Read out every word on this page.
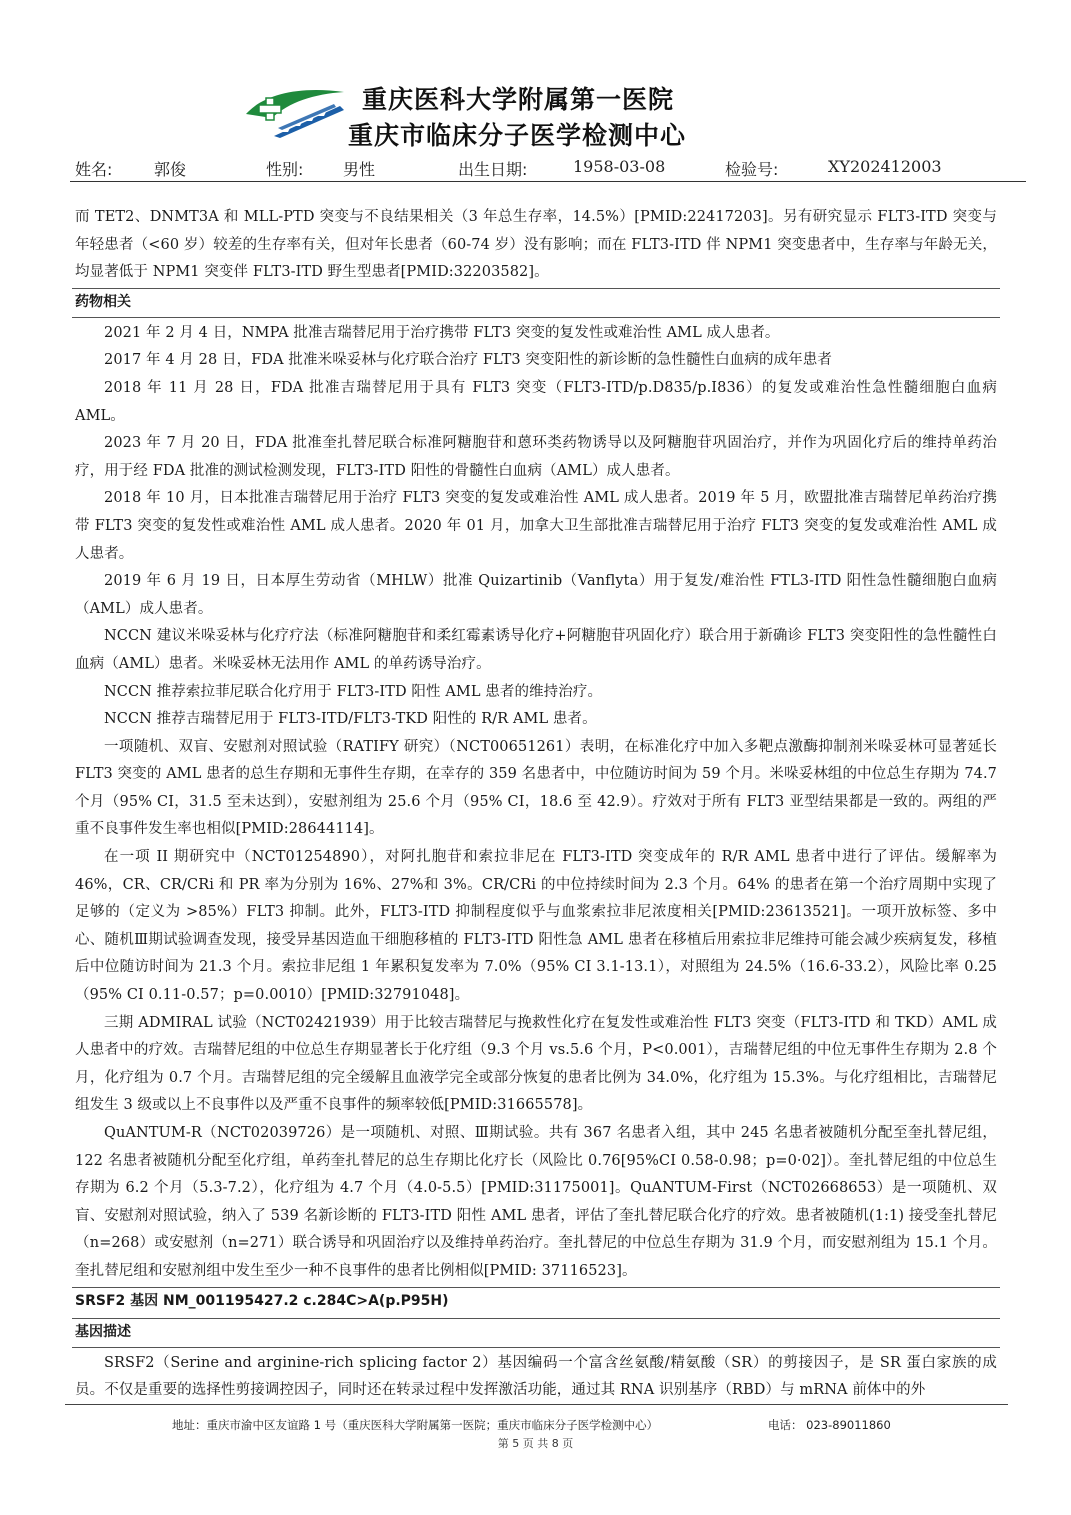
重庆医科大学附属第一医院
重庆市临床分子医学检测中心
姓名:	郭俊	性别: 男性	出生日期:	1958-03-08	检验号:	XY202412003

而 TET2、DNMT3A 和 MLL-PTD 突变与不良结果相关（3 年总生存率，14.5%）[PMID:22417203]。另有研究显示 FLT3-ITD 突变与年轻患者（<60 岁）较差的生存率有关，但对年长患者（60-74 岁）没有影响；而在 FLT3-ITD 伴 NPM1 突变患者中，生存率与年龄无关，均显著低于 NPM1 突变伴 FLT3-ITD 野生型患者[PMID:32203582]。

药物相关

2021 年 2 月 4 日，NMPA 批准吉瑞替尼用于治疗携带 FLT3 突变的复发性或难治性 AML 成人患者。

2017 年 4 月 28 日，FDA 批准米哚妥林与化疗联合治疗 FLT3 突变阳性的新诊断的急性髓性白血病的成年患者

2018 年 11 月 28 日，FDA 批准吉瑞替尼用于具有 FLT3 突变（FLT3-ITD/p.D835/p.I836）的复发或难治性急性髓细胞白血病 AML。

2023 年 7 月 20 日，FDA 批准奎扎替尼联合标准阿糖胞苷和蒽环类药物诱导以及阿糖胞苷巩固治疗，并作为巩固化疗后的维持单药治疗，用于经 FDA 批准的测试检测发现，FLT3-ITD 阳性的骨髓性白血病（AML）成人患者。

2018 年 10 月，日本批准吉瑞替尼用于治疗 FLT3 突变的复发或难治性 AML 成人患者。2019 年 5 月，欧盟批准吉瑞替尼单药治疗携带 FLT3 突变的复发性或难治性 AML 成人患者。2020 年 01 月，加拿大卫生部批准吉瑞替尼用于治疗 FLT3 突变的复发或难治性 AML 成人患者。

2019 年 6 月 19 日，日本厚生劳动省（MHLW）批准 Quizartinib（Vanflyta）用于复发/难治性 FTL3-ITD 阳性急性髓细胞白血病（AML）成人患者。

NCCN 建议米哚妥林与化疗疗法（标准阿糖胞苷和柔红霉素诱导化疗+阿糖胞苷巩固化疗）联合用于新确诊 FLT3 突变阳性的急性髓性白血病（AML）患者。米哚妥林无法用作 AML 的单药诱导治疗。

NCCN 推荐索拉菲尼联合化疗用于 FLT3-ITD 阳性 AML 患者的维持治疗。

NCCN 推荐吉瑞替尼用于 FLT3-ITD/FLT3-TKD 阳性的 R/R AML 患者。

一项随机、双盲、安慰剂对照试验（RATIFY 研究）（NCT00651261）表明，在标准化疗中加入多靶点激酶抑制剂米哚妥林可显著延长 FLT3 突变的 AML 患者的总生存期和无事件生存期，在幸存的 359 名患者中，中位随访时间为 59 个月。米哚妥林组的中位总生存期为 74.7 个月（95% CI，31.5 至未达到），安慰剂组为 25.6 个月（95% CI，18.6 至 42.9）。疗效对于所有 FLT3 亚型结果都是一致的。两组的严重不良事件发生率也相似[PMID:28644114]。

在一项 II 期研究中（NCT01254890），对阿扎胞苷和索拉非尼在 FLT3-ITD 突变成年的 R/R AML 患者中进行了评估。缓解率为 46%，CR、CR/CRi 和 PR 率为分别为 16%、27%和 3%。CR/CRi 的中位持续时间为 2.3 个月。64% 的患者在第一个治疗周期中实现了足够的（定义为 >85%）FLT3 抑制。此外，FLT3-ITD 抑制程度似乎与血浆索拉非尼浓度相关[PMID:23613521]。一项开放标签、多中心、随机Ⅲ期试验调查发现，接受异基因造血干细胞移植的 FLT3-ITD 阳性急 AML 患者在移植后用索拉非尼维持可能会减少疾病复发，移植后中位随访时间为 21.3 个月。索拉非尼组 1 年累积复发率为 7.0%（95% CI 3.1-13.1），对照组为 24.5%（16.6-33.2），风险比率 0.25（95% CI 0.11-0.57；p=0.0010）[PMID:32791048]。

三期 ADMIRAL 试验（NCT02421939）用于比较吉瑞替尼与挽救性化疗在复发性或难治性 FLT3 突变（FLT3-ITD 和 TKD）AML 成人患者中的疗效。吉瑞替尼组的中位总生存期显著长于化疗组（9.3 个月 vs.5.6 个月，P<0.001），吉瑞替尼组的中位无事件生存期为 2.8 个月，化疗组为 0.7 个月。吉瑞替尼组的完全缓解且血液学完全或部分恢复的患者比例为 34.0%，化疗组为 15.3%。与化疗组相比，吉瑞替尼组发生 3 级或以上不良事件以及严重不良事件的频率较低[PMID:31665578]。

QuANTUM-R（NCT02039726）是一项随机、对照、Ⅲ期试验。共有 367 名患者入组，其中 245 名患者被随机分配至奎扎替尼组，122 名患者被随机分配至化疗组，单药奎扎替尼的总生存期比化疗长（风险比 0.76[95%CI 0.58-0.98；p=0·02]）。奎扎替尼组的中位总生存期为 6.2 个月（5.3-7.2），化疗组为 4.7 个月（4.0-5.5）[PMID:31175001]。QuANTUM-First（NCT02668653）是一项随机、双盲、安慰剂对照试验，纳入了 539 名新诊断的 FLT3-ITD 阳性 AML 患者，评估了奎扎替尼联合化疗的疗效。患者被随机(1:1) 接受奎扎替尼（n=268）或安慰剂（n=271）联合诱导和巩固治疗以及维持单药治疗。奎扎替尼的中位总生存期为 31.9 个月，而安慰剂组为 15.1 个月。奎扎替尼组和安慰剂组中发生至少一种不良事件的患者比例相似[PMID: 37116523]。

SRSF2 基因 NM_001195427.2 c.284C>A(p.P95H)
基因描述

SRSF2（Serine and arginine-rich splicing factor 2）基因编码一个富含丝氨酸/精氨酸（SR）的剪接因子，是 SR 蛋白家族的成员。不仅是重要的选择性剪接调控因子，同时还在转录过程中发挥激活功能，通过其 RNA 识别基序（RBD）与 mRNA 前体中的外

地址：重庆市渝中区友谊路 1 号（重庆医科大学附属第一医院；重庆市临床分子医学检测中心）	电话： 023-89011860
第 5 页 共 8 页
